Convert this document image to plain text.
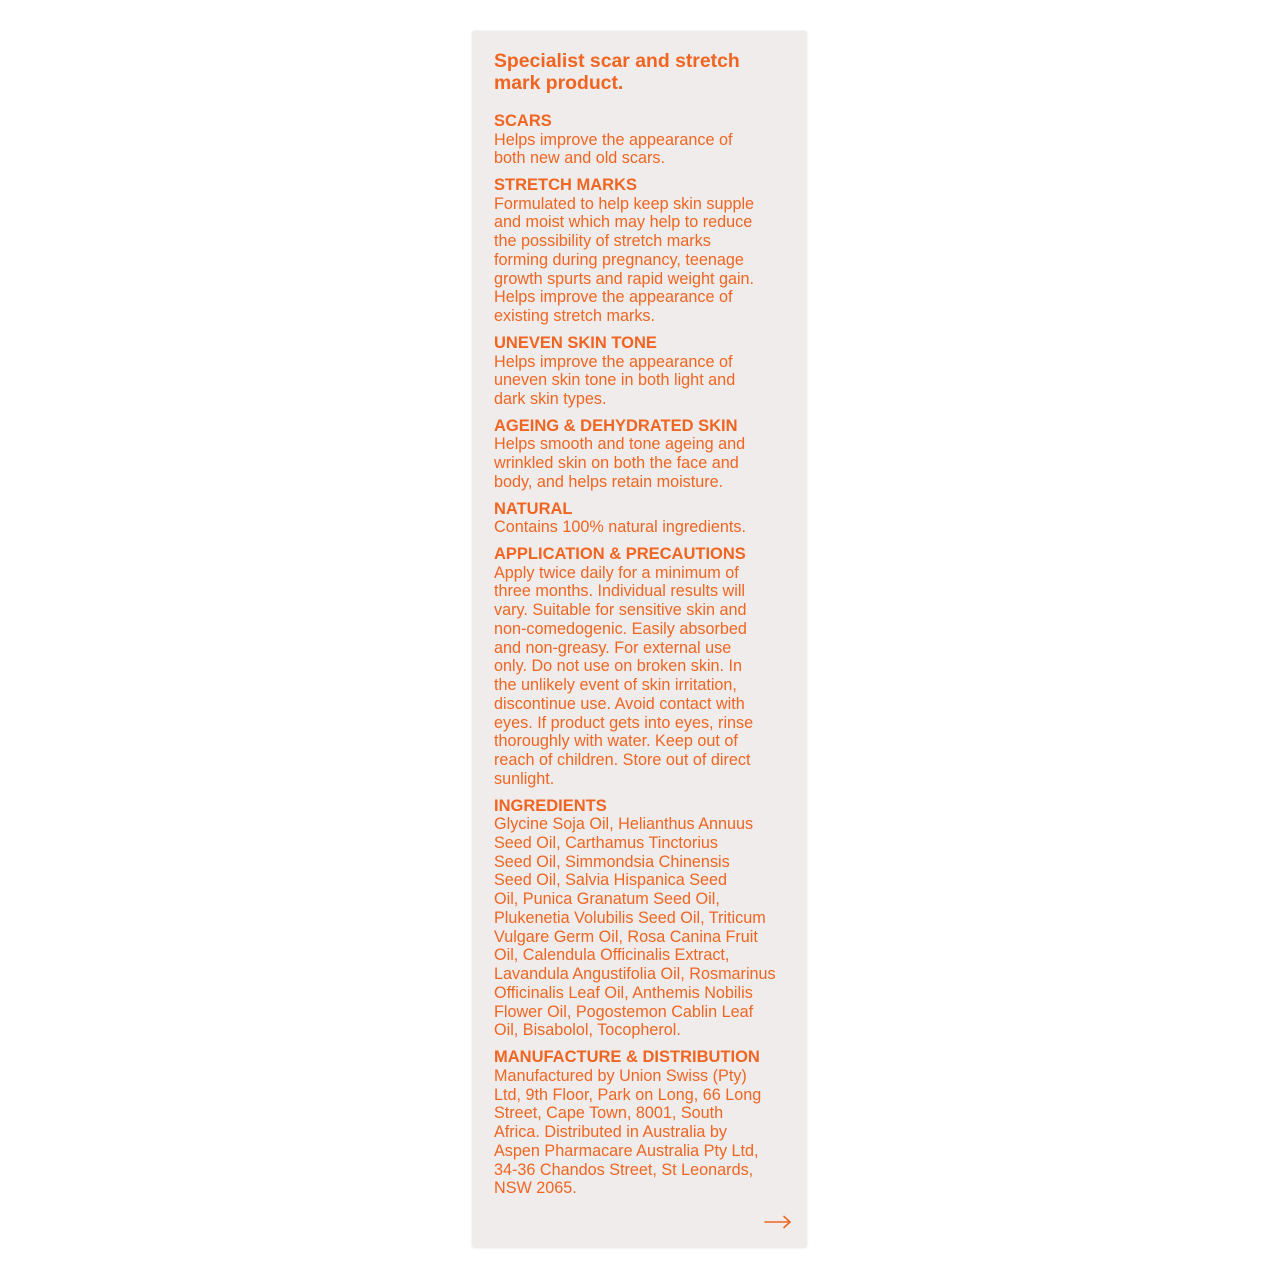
Specialist scar and stretch
mark product.
SCARS
Helps improve the appearance of
both new and old scars.
STRETCH MARKS
Formulated to help keep skin supple
and moist which may help to reduce
the possibility of stretch marks
forming during pregnancy, teenage
growth spurts and rapid weight gain.
Helps improve the appearance of
existing stretch marks.
UNEVEN SKIN TONE
Helps improve the appearance of
uneven skin tone in both light and
dark skin types.
AGEING & DEHYDRATED SKIN
Helps smooth and tone ageing and
wrinkled skin on both the face and
body, and helps retain moisture.
NATURAL
Contains 100% natural ingredients.
APPLICATION & PRECAUTIONS
Apply twice daily for a minimum of
three months. Individual results will
vary. Suitable for sensitive skin and
non-comedogenic. Easily absorbed
and non-greasy. For external use
only. Do not use on broken skin. In
the unlikely event of skin irritation,
discontinue use. Avoid contact with
eyes. If product gets into eyes, rinse
thoroughly with water. Keep out of
reach of children. Store out of direct
sunlight.
INGREDIENTS
Glycine Soja Oil, Helianthus Annuus
Seed Oil, Carthamus Tinctorius
Seed Oil, Simmondsia Chinensis
Seed Oil, Salvia Hispanica Seed
Oil, Punica Granatum Seed Oil,
Plukenetia Volubilis Seed Oil, Triticum
Vulgare Germ Oil, Rosa Canina Fruit
Oil, Calendula Officinalis Extract,
Lavandula Angustifolia Oil, Rosmarinus
Officinalis Leaf Oil, Anthemis Nobilis
Flower Oil, Pogostemon Cablin Leaf
Oil, Bisabolol, Tocopherol.
MANUFACTURE & DISTRIBUTION
Manufactured by Union Swiss (Pty)
Ltd, 9th Floor, Park on Long, 66 Long
Street, Cape Town, 8001, South
Africa. Distributed in Australia by
Aspen Pharmacare Australia Pty Ltd,
34-36 Chandos Street, St Leonards,
NSW 2065.
